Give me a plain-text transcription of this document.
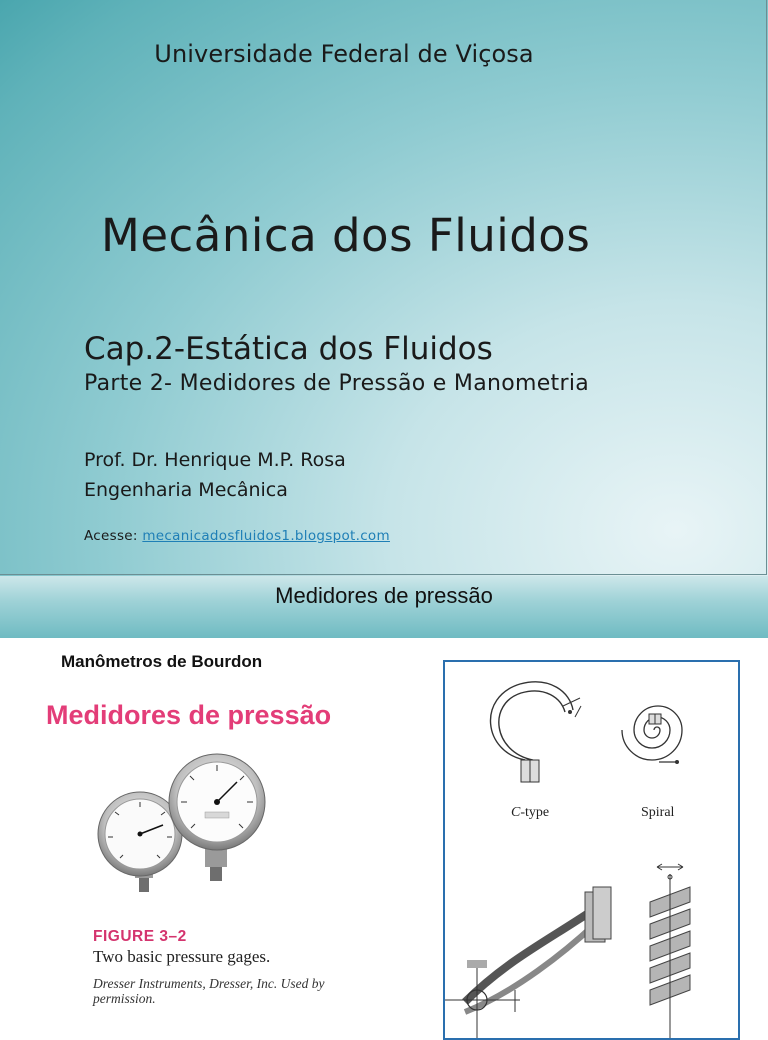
Universidade Federal de Viçosa
Mecânica dos Fluidos
Cap.2-Estática dos Fluidos
Parte 2- Medidores de Pressão e Manometria
Prof. Dr. Henrique M.P. Rosa
Engenharia Mecânica
Acesse: mecanicadosfluidos1.blogspot.com
Medidores de pressão
Manômetros de Bourdon
Medidores de pressão
FIGURE 3–2
Two basic pressure gages.
Dresser Instruments, Dresser, Inc. Used by permission.
C-type	Spiral
